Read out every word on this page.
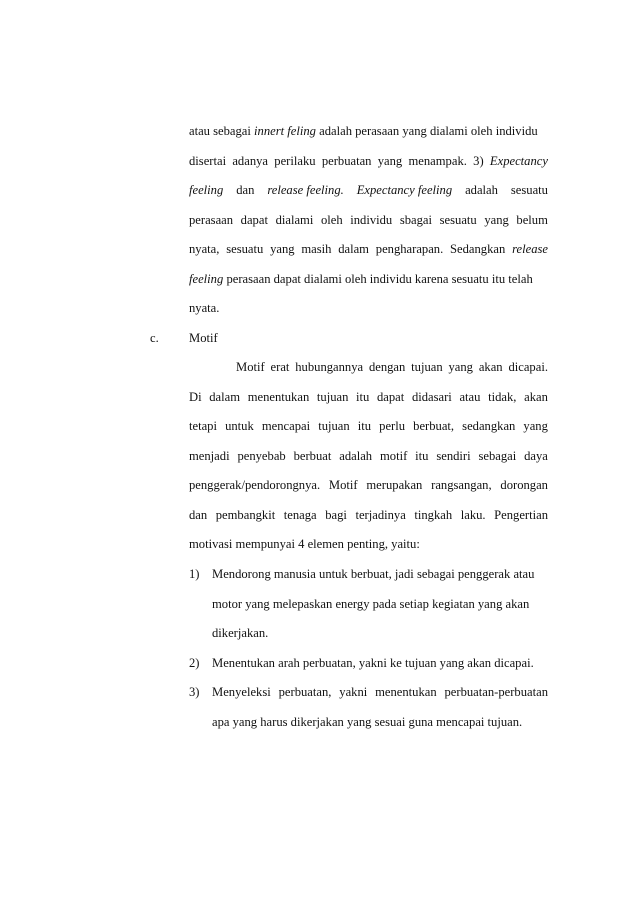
atau sebagai innert feling adalah perasaan yang dialami oleh individu
disertai adanya perilaku perbuatan yang menampak. 3) Expectancy
feeling dan release feeling. Expectancy feeling adalah sesuatu
perasaan dapat dialami oleh individu sbagai sesuatu yang belum
nyata, sesuatu yang masih dalam pengharapan. Sedangkan release
feeling perasaan dapat dialami oleh individu karena sesuatu itu telah
nyata.
c. Motif
Motif erat hubungannya dengan tujuan yang akan dicapai.
Di dalam menentukan tujuan itu dapat didasari atau tidak, akan
tetapi untuk mencapai tujuan itu perlu berbuat, sedangkan yang
menjadi penyebab berbuat adalah motif itu sendiri sebagai daya
penggerak/pendorongnya. Motif merupakan rangsangan, dorongan
dan pembangkit tenaga bagi terjadinya tingkah laku. Pengertian
motivasi mempunyai 4 elemen penting, yaitu:
1) Mendorong manusia untuk berbuat, jadi sebagai penggerak atau
motor yang melepaskan energy pada setiap kegiatan yang akan
dikerjakan.
2) Menentukan arah perbuatan, yakni ke tujuan yang akan dicapai.
3) Menyeleksi perbuatan, yakni menentukan perbuatan-perbuatan
apa yang harus dikerjakan yang sesuai guna mencapai tujuan.
